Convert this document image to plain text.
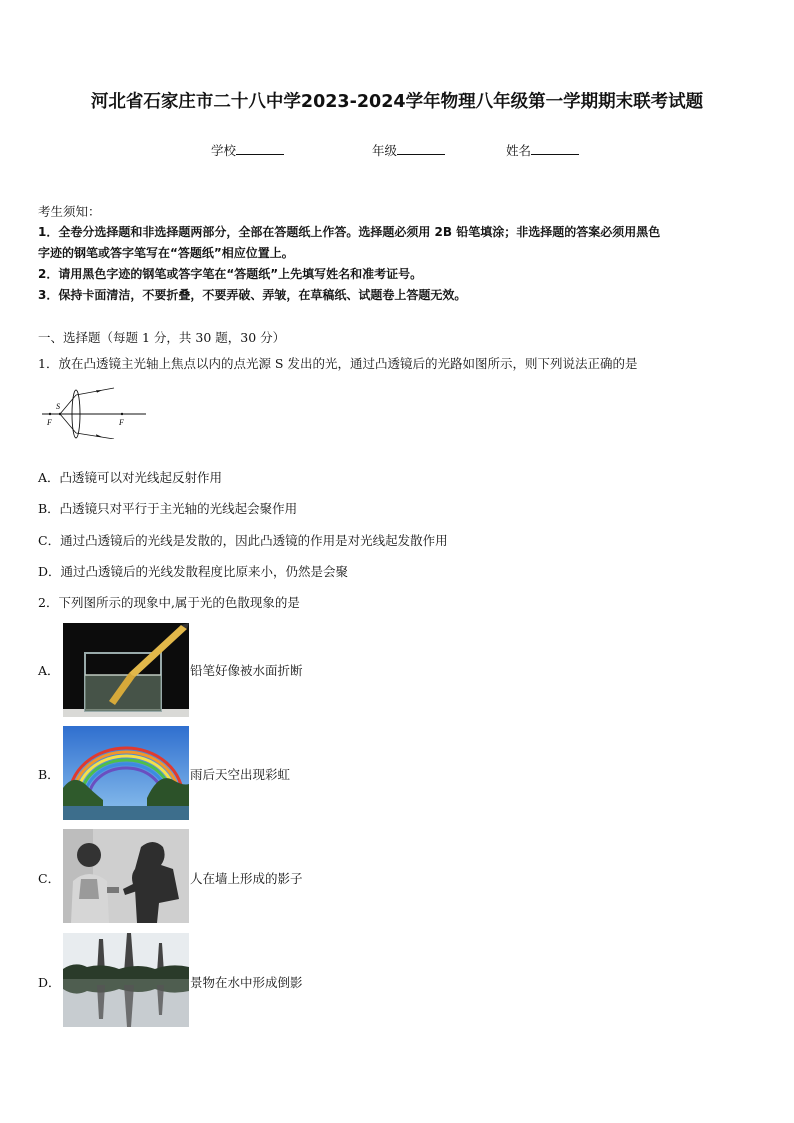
河北省石家庄市二十八中学2023-2024学年物理八年级第一学期期末联考试题
学校	年级	姓名
考生须知：
1．全卷分选择题和非选择题两部分，全部在答题纸上作答。选择题必须用 2B 铅笔填涂；非选择题的答案必须用黑色
字迹的钢笔或答字笔写在“答题纸”相应位置上。
2．请用黑色字迹的钢笔或答字笔在“答题纸”上先填写姓名和准考证号。
3．保持卡面清洁，不要折叠，不要弄破、弄皱，在草稿纸、试题卷上答题无效。
一、选择题（每题 1 分，共 30 题，30 分）
1．放在凸透镜主光轴上焦点以内的点光源 S 发出的光，通过凸透镜后的光路如图所示，则下列说法正确的是
S
F	F
A．凸透镜可以对光线起反射作用
B．凸透镜只对平行于主光轴的光线起会聚作用
C．通过凸透镜后的光线是发散的，因此凸透镜的作用是对光线起发散作用
D．通过凸透镜后的光线发散程度比原来小，仍然是会聚
2．下列图所示的现象中,属于光的色散现象的是
A．	铅笔好像被水面折断
B．	雨后天空出现彩虹
C．	人在墙上形成的影子
D．	景物在水中形成倒影
